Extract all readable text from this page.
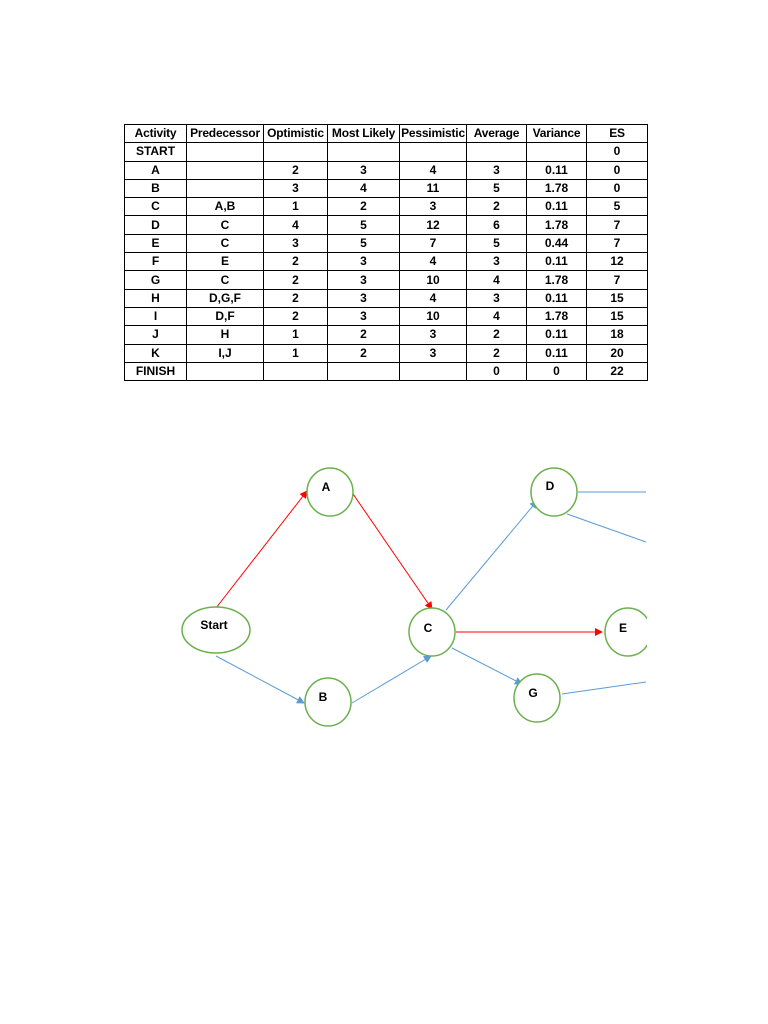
Activity	Predecessor	Optimistic	Most Likely	Pessimistic	Average	Variance	ES
START							0
A		2	3	4	3	0.11	0
B		3	4	11	5	1.78	0
C	A,B	1	2	3	2	0.11	5
D	C	4	5	12	6	1.78	7
E	C	3	5	7	5	0.44	7
F	E	2	3	4	3	0.11	12
G	C	2	3	10	4	1.78	7
H	D,G,F	2	3	4	3	0.11	15
I	D,F	2	3	10	4	1.78	15
J	H	1	2	3	2	0.11	18
K	I,J	1	2	3	2	0.11	20
FINISH					0	0	22
Start
A
B
C
D
E
G
